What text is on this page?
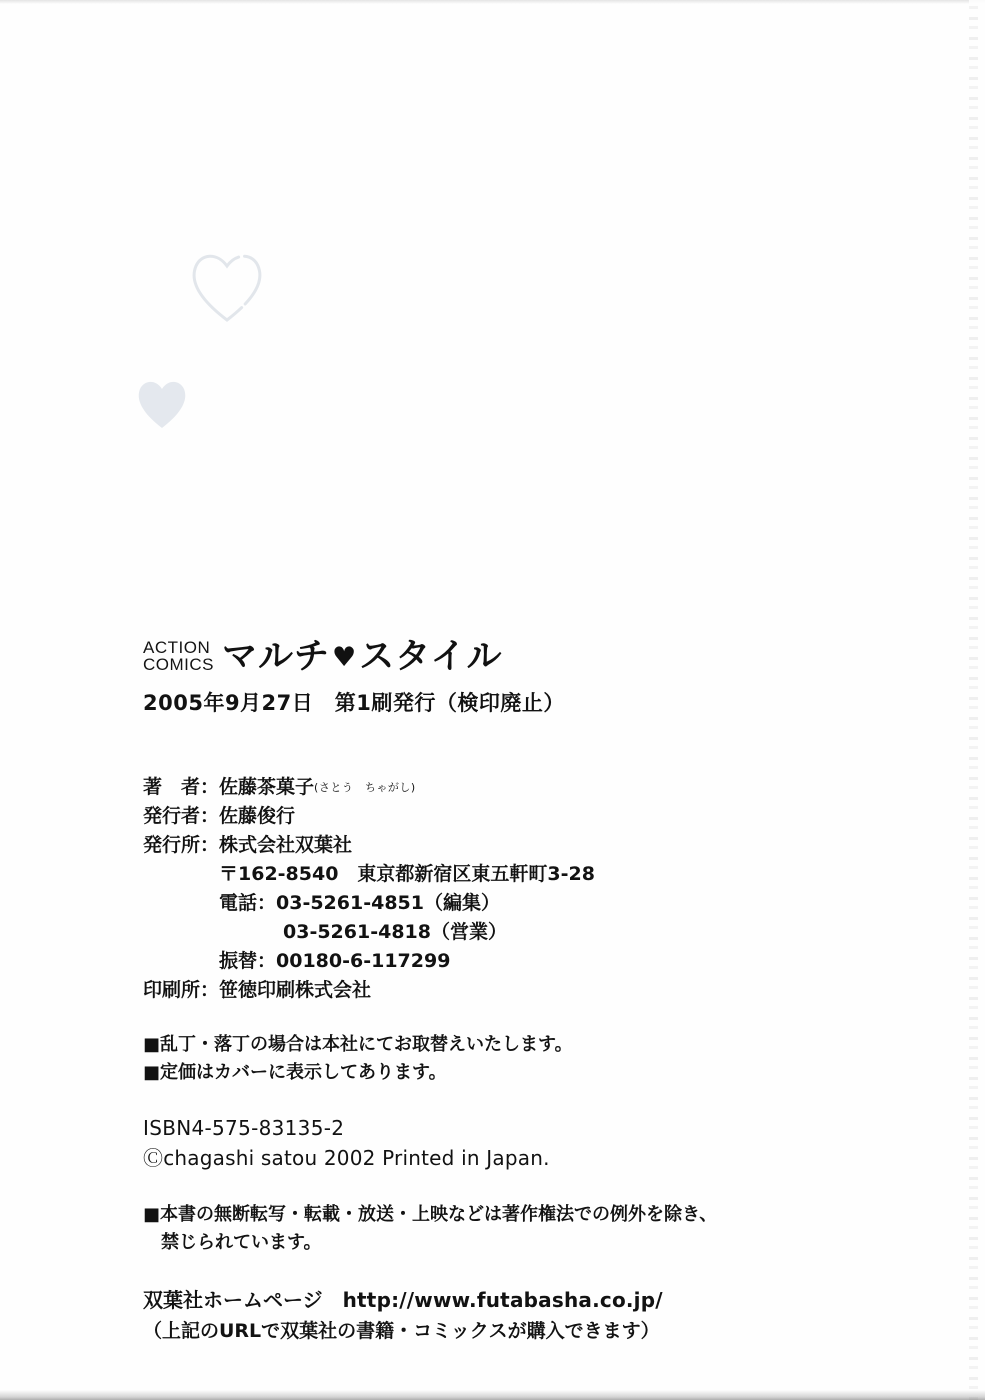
ACTION
COMICS マルチ♥スタイル
2005年9月27日　第1刷発行（検印廃止）
著　者：佐藤茶菓子(さとう　ちゃがし)
発行者：佐藤俊行
発行所：株式会社双葉社
〒162-8540　東京都新宿区東五軒町3-28
電話：03-5261-4851（編集）
03-5261-4818（営業）
振替：00180-6-117299
印刷所：笹徳印刷株式会社
■乱丁・落丁の場合は本社にてお取替えいたします。
■定価はカバーに表示してあります。
ISBN4-575-83135-2
Ⓒchagashi satou 2002 Printed in Japan.
■本書の無断転写・転載・放送・上映などは著作権法での例外を除き、
禁じられています。
双葉社ホームページ　 http://www.futabasha.co.jp/
（上記のURLで双葉社の書籍・コミックスが購入できます）
